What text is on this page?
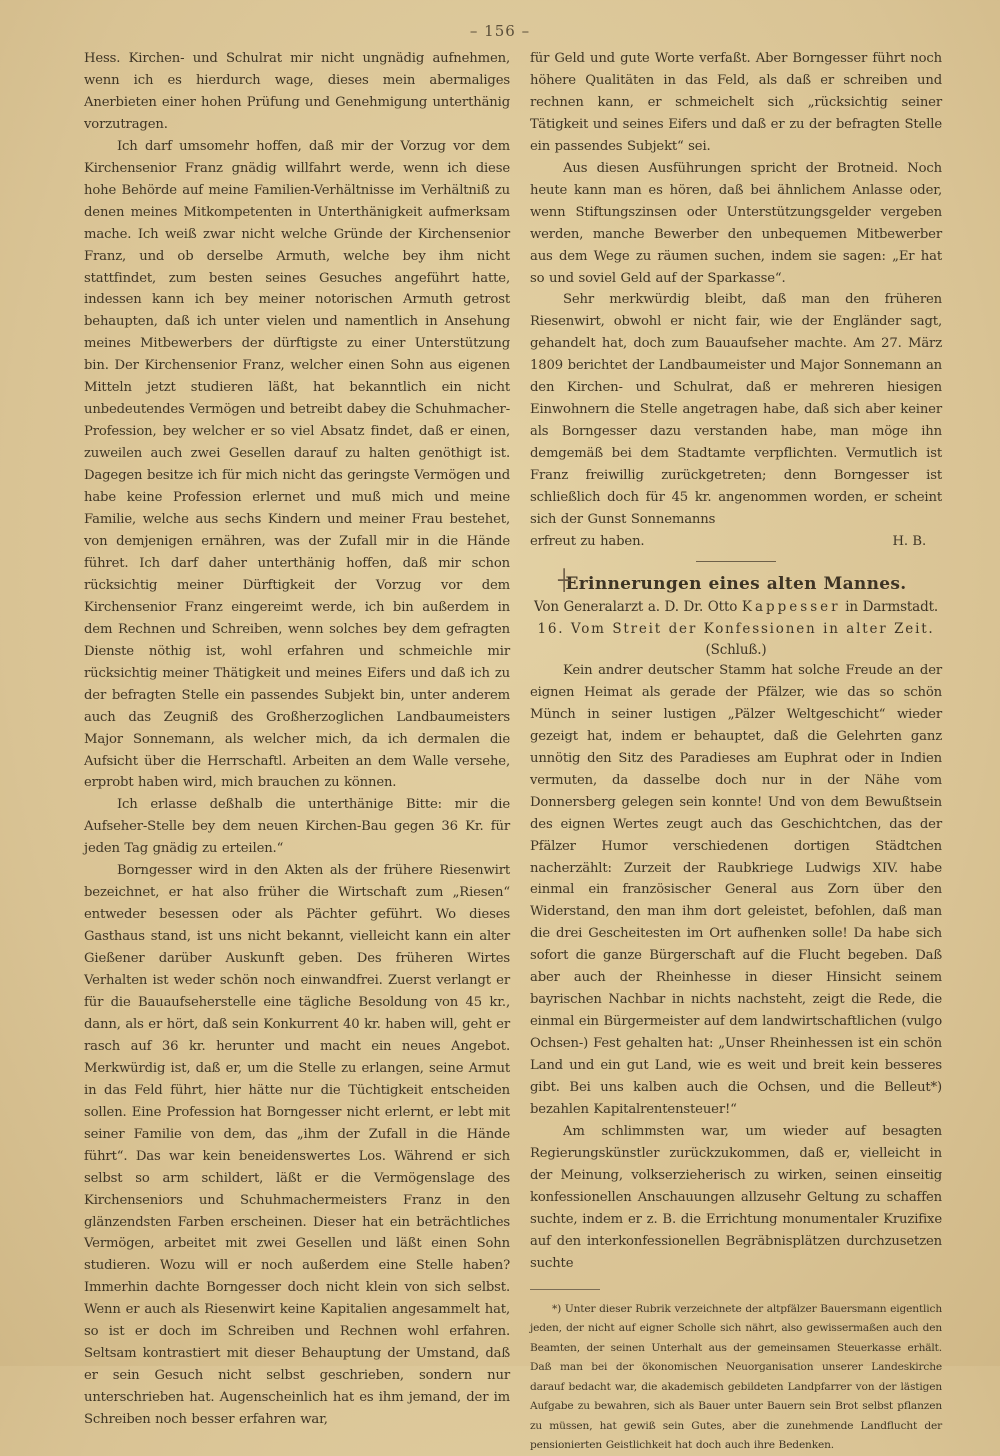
– 156 –

Hess. Kirchen- und Schulrat mir nicht ungnädig aufnehmen, wenn ich es hierdurch wage, dieses mein abermaliges Anerbieten einer hohen Prüfung und Genehmigung unterthänig vorzutragen.

Ich darf umsomehr hoffen, daß mir der Vorzug vor dem Kirchensenior Franz gnädig willfahrt werde, wenn ich diese hohe Behörde auf meine Familien-Verhältnisse im Verhältniß zu denen meines Mitkompetenten in Unterthänigkeit aufmerksam mache. Ich weiß zwar nicht welche Gründe der Kirchensenior Franz, und ob derselbe Armuth, welche bey ihm nicht stattfindet, zum besten seines Gesuches angeführt hatte, indessen kann ich bey meiner notorischen Armuth getrost behaupten, daß ich unter vielen und namentlich in Ansehung meines Mitbewerbers der dürftigste zu einer Unterstützung bin. Der Kirchensenior Franz, welcher einen Sohn aus eigenen Mitteln jetzt studieren läßt, hat bekanntlich ein nicht unbedeutendes Vermögen und betreibt dabey die Schuhmacher-Profession, bey welcher er so viel Absatz findet, daß er einen, zuweilen auch zwei Gesellen darauf zu halten genöthigt ist. Dagegen besitze ich für mich nicht das geringste Vermögen und habe keine Profession erlernet und muß mich und meine Familie, welche aus sechs Kindern und meiner Frau bestehet, von demjenigen ernähren, was der Zufall mir in die Hände führet. Ich darf daher unterthänig hoffen, daß mir schon rücksichtig meiner Dürftigkeit der Vorzug vor dem Kirchensenior Franz eingereimt werde, ich bin außerdem in dem Rechnen und Schreiben, wenn solches bey dem gefragten Dienste nöthig ist, wohl erfahren und schmeichle mir rücksichtig meiner Thätigkeit und meines Eifers und daß ich zu der befragten Stelle ein passendes Subjekt bin, unter anderem auch das Zeugniß des Großherzoglichen Landbaumeisters Major Sonnemann, als welcher mich, da ich dermalen die Aufsicht über die Herrschaftl. Arbeiten an dem Walle versehe, erprobt haben wird, mich brauchen zu können.

Ich erlasse deßhalb die unterthänige Bitte: mir die Aufseher-Stelle bey dem neuen Kirchen-Bau gegen 36 Kr. für jeden Tag gnädig zu erteilen.“

Borngesser wird in den Akten als der frühere Riesenwirt bezeichnet, er hat also früher die Wirtschaft zum „Riesen“ entweder besessen oder als Pächter geführt. Wo dieses Gasthaus stand, ist uns nicht bekannt, vielleicht kann ein alter Gießener darüber Auskunft geben. Des früheren Wirtes Verhalten ist weder schön noch einwandfrei. Zuerst verlangt er für die Bauaufseherstelle eine tägliche Besoldung von 45 kr., dann, als er hört, daß sein Konkurrent 40 kr. haben will, geht er rasch auf 36 kr. herunter und macht ein neues Angebot. Merkwürdig ist, daß er, um die Stelle zu erlangen, seine Armut in das Feld führt, hier hätte nur die Tüchtigkeit entscheiden sollen. Eine Profession hat Borngesser nicht erlernt, er lebt mit seiner Familie von dem, das „ihm der Zufall in die Hände führt“. Das war kein beneidenswertes Los. Während er sich selbst so arm schildert, läßt er die Vermögenslage des Kirchenseniors und Schuhmachermeisters Franz in den glänzendsten Farben erscheinen. Dieser hat ein beträchtliches Vermögen, arbeitet mit zwei Gesellen und läßt einen Sohn studieren. Wozu will er noch außerdem eine Stelle haben? Immerhin dachte Borngesser doch nicht klein von sich selbst. Wenn er auch als Riesenwirt keine Kapitalien angesammelt hat, so ist er doch im Schreiben und Rechnen wohl erfahren. Seltsam kontrastiert mit dieser Behauptung der Umstand, daß er sein Gesuch nicht selbst geschrieben, sondern nur unterschrieben hat. Augenscheinlich hat es ihm jemand, der im Schreiben noch besser erfahren war,

für Geld und gute Worte verfaßt. Aber Borngesser führt noch höhere Qualitäten in das Feld, als daß er schreiben und rechnen kann, er schmeichelt sich „rücksichtig seiner Tätigkeit und seines Eifers und daß er zu der befragten Stelle ein passendes Subjekt“ sei.

Aus diesen Ausführungen spricht der Brotneid. Noch heute kann man es hören, daß bei ähnlichem Anlasse oder, wenn Stiftungszinsen oder Unterstützungsgelder vergeben werden, manche Bewerber den unbequemen Mitbewerber aus dem Wege zu räumen suchen, indem sie sagen: „Er hat so und soviel Geld auf der Sparkasse“.

Sehr merkwürdig bleibt, daß man den früheren Riesenwirt, obwohl er nicht fair, wie der Engländer sagt, gehandelt hat, doch zum Bauaufseher machte. Am 27. März 1809 berichtet der Landbaumeister und Major Sonnemann an den Kirchen- und Schulrat, daß er mehreren hiesigen Einwohnern die Stelle angetragen habe, daß sich aber keiner als Borngesser dazu verstanden habe, man möge ihn demgemäß bei dem Stadtamte verpflichten. Vermutlich ist Franz freiwillig zurückgetreten; denn Borngesser ist schließlich doch für 45 kr. angenommen worden, er scheint sich der Gunst Sonnemanns

erfreut zu haben.	H. B.
┼
Erinnerungen eines alten Mannes.

Von Generalarzt a. D. Dr. Otto Kappesser in Darmstadt.

16. Vom Streit der Konfessionen in alter Zeit.

(Schluß.)

Kein andrer deutscher Stamm hat solche Freude an der eignen Heimat als gerade der Pfälzer, wie das so schön Münch in seiner lustigen „Pälzer Weltgeschicht“ wieder gezeigt hat, indem er behauptet, daß die Gelehrten ganz unnötig den Sitz des Paradieses am Euphrat oder in Indien vermuten, da dasselbe doch nur in der Nähe vom Donnersberg gelegen sein konnte! Und von dem Bewußtsein des eignen Wertes zeugt auch das Geschichtchen, das der Pfälzer Humor verschiedenen dortigen Städtchen nacherzählt: Zurzeit der Raubkriege Ludwigs XIV. habe einmal ein französischer General aus Zorn über den Widerstand, den man ihm dort geleistet, befohlen, daß man die drei Gescheitesten im Ort aufhenken solle! Da habe sich sofort die ganze Bürgerschaft auf die Flucht begeben. Daß aber auch der Rheinhesse in dieser Hinsicht seinem bayrischen Nachbar in nichts nachsteht, zeigt die Rede, die einmal ein Bürgermeister auf dem landwirtschaftlichen (vulgo Ochsen-) Fest gehalten hat: „Unser Rheinhessen ist ein schön Land und ein gut Land, wie es weit und breit kein besseres gibt. Bei uns kalben auch die Ochsen, und die Belleut*) bezahlen Kapitalrentensteuer!“

Am schlimmsten war, um wieder auf besagten Regierungskünstler zurückzukommen, daß er, vielleicht in der Meinung, volkserzieherisch zu wirken, seinen einseitig konfessionellen Anschauungen allzusehr Geltung zu schaffen suchte, indem er z. B. die Errichtung monumentaler Kruzifixe auf den interkonfessionellen Begräbnisplätzen durchzusetzen suchte

*) Unter dieser Rubrik verzeichnete der altpfälzer Bauersmann eigentlich jeden, der nicht auf eigner Scholle sich nährt, also gewissermaßen auch den Beamten, der seinen Unterhalt aus der gemeinsamen Steuerkasse erhält. Daß man bei der ökonomischen Neuorganisation unserer Landeskirche darauf bedacht war, die akademisch gebildeten Landpfarrer von der lästigen Aufgabe zu bewahren, sich als Bauer unter Bauern sein Brot selbst pflanzen zu müssen, hat gewiß sein Gutes, aber die zunehmende Landflucht der pensionierten Geistlichkeit hat doch auch ihre Bedenken.
